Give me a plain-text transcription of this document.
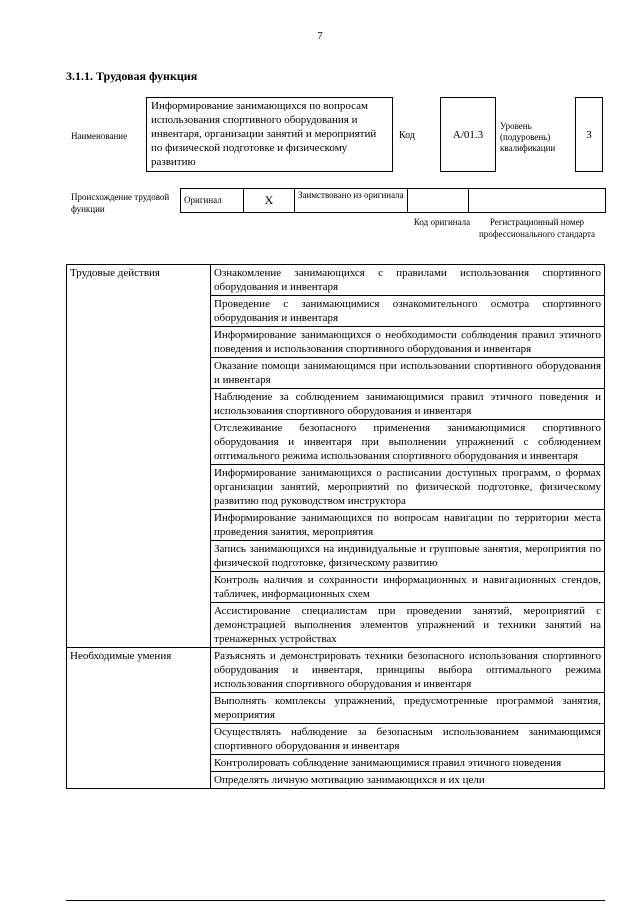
7
3.1.1. Трудовая функция
Наименование
Информирование занимающихся по вопросам использования спортивного оборудования и инвентаря, организации занятий и мероприятий по физической подготовке и физическому развитию
Код	A/01.3
Уровень (подуровень) квалификации
3
Происхождение трудовой функции
Оригинал	X	Заимствовано из оригинала
Код оригинала	Регистрационный номер профессионального стандарта
Трудовые действия	Ознакомление занимающихся с правилами использования спортивного оборудования и инвентаря
	Проведение с занимающимися ознакомительного осмотра спортивного оборудования и инвентаря
	Информирование занимающихся о необходимости соблюдения правил этичного поведения и использования спортивного оборудования и инвентаря
	Оказание помощи занимающимся при использовании спортивного оборудования и инвентаря
	Наблюдение за соблюдением занимающимися правил этичного поведения и использования спортивного оборудования и инвентаря
	Отслеживание безопасного применения занимающимися спортивного оборудования и инвентаря при выполнении упражнений с соблюдением оптимального режима использования спортивного оборудования и инвентаря
	Информирование занимающихся о расписании доступных программ, о формах организации занятий, мероприятий по физической подготовке, физическому развитию под руководством инструктора
	Информирование занимающихся по вопросам навигации по территории места проведения занятия, мероприятия
	Запись занимающихся на индивидуальные и групповые занятия, мероприятия по физической подготовке, физическому развитию
	Контроль наличия и сохранности информационных и навигационных стендов, табличек, информационных схем
	Ассистирование специалистам при проведении занятий, мероприятий с демонстрацией выполнения элементов упражнений и техники занятий на тренажерных устройствах
Необходимые умения	Разъяснять и демонстрировать техники безопасного использования спортивного оборудования и инвентаря, принципы выбора оптимального режима использования спортивного оборудования и инвентаря
	Выполнять комплексы упражнений, предусмотренные программой занятия, мероприятия
	Осуществлять наблюдение за безопасным использованием занимающимся спортивного оборудования и инвентаря
	Контролировать соблюдение занимающимися правил этичного поведения
	Определять личную мотивацию занимающихся и их цели
